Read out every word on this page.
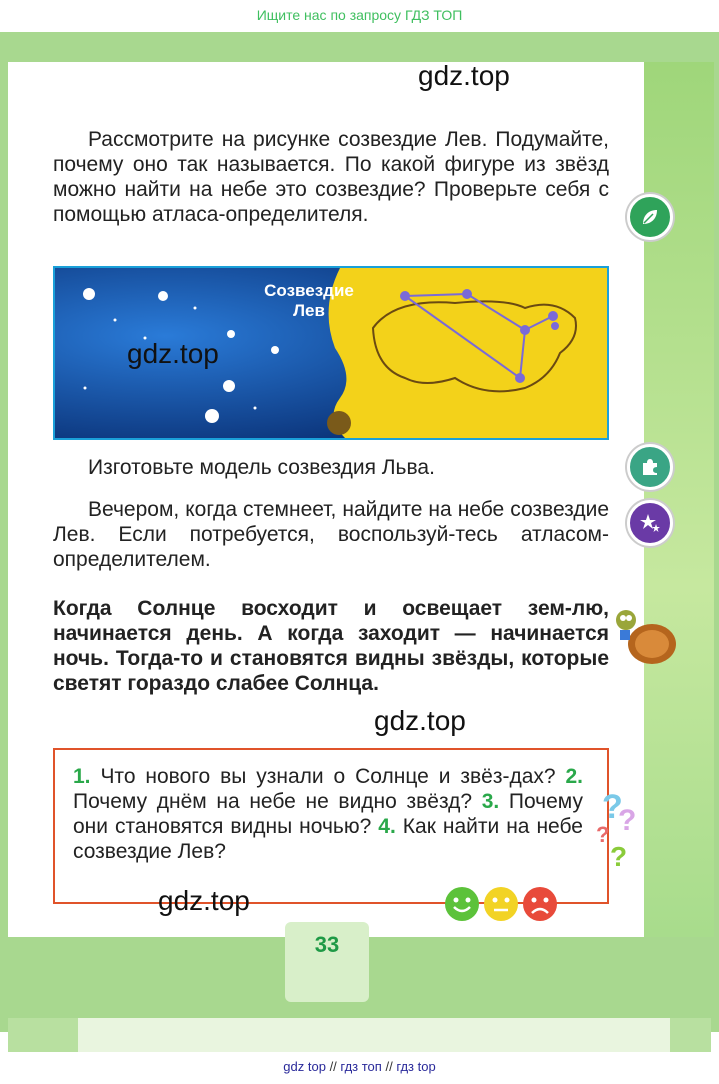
Ищите нас по запросу ГДЗ ТОП
gdz.top
Рассмотрите на рисунке созвездие Лев. Подумайте, почему оно так называется. По какой фигуре из звёзд можно найти на небе это созвездие? Проверьте себя с помощью атласа-определителя.
Созвездие
Лев
gdz.top
Изготовьте модель созвездия Льва.
Вечером, когда стемнеет, найдите на небе созвездие Лев. Если потребуется, воспользуй-тесь атласом-определителем.
Когда Солнце восходит и освещает зем-лю, начинается день. А когда заходит — начинается ночь. Тогда-то и становятся видны звёзды, которые светят гораздо слабее Солнца.
gdz.top
1. Что нового вы узнали о Солнце и звёз-дах? 2. Почему днём на небе не видно звёзд? 3. Почему они становятся видны ночью? 4. Как найти на небе созвездие Лев?
?
?
?
?
gdz.top
33
gdz top // гдз топ // гдз top
